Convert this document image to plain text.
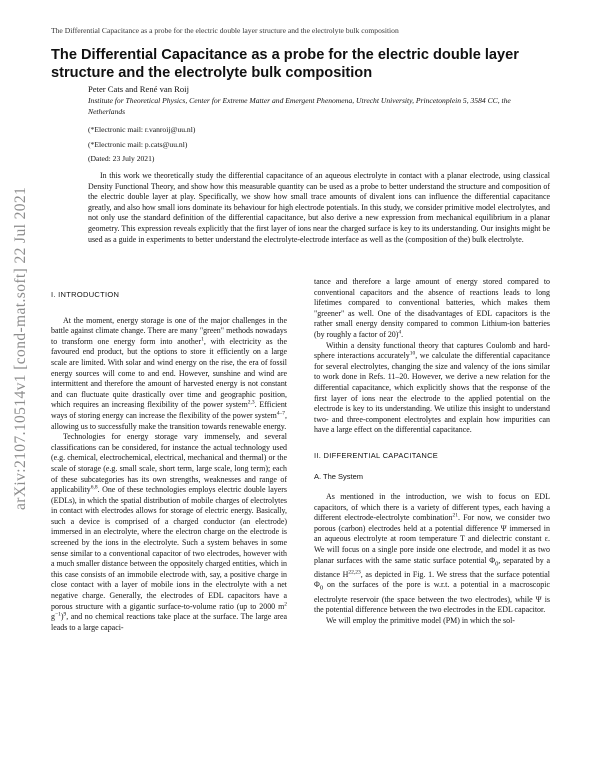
The Differential Capacitance as a probe for the electric double layer structure and the electrolyte bulk composition
arXiv:2107.10514v1 [cond-mat.soft] 22 Jul 2021
The Differential Capacitance as a probe for the electric double layer structure and the electrolyte bulk composition
Peter Cats and René van Roij
Institute for Theoretical Physics, Center for Extreme Matter and Emergent Phenomena, Utrecht University, Princetonplein 5, 3584 CC, the Netherlands
(*Electronic mail: r.vanroij@uu.nl)
(*Electronic mail: p.cats@uu.nl)
(Dated: 23 July 2021)

In this work we theoretically study the differential capacitance of an aqueous electrolyte in contact with a planar electrode, using classical Density Functional Theory, and show how this measurable quantity can be used as a probe to better understand the structure and composition of the electric double layer at play. Specifically, we show how small trace amounts of divalent ions can influence the differential capacitance greatly, and also how small ions dominate its behaviour for high electrode potentials. In this study, we consider primitive model electrolytes, and not only use the standard definition of the differential capacitance, but also derive a new expression from mechanical equilibrium in a planar geometry. This expression reveals explicitly that the first layer of ions near the charged surface is key to its understanding. Our insights might be used as a guide in experiments to better understand the electrolyte-electrode interface as well as the (composition of the) bulk electrolyte.

I. INTRODUCTION

At the moment, energy storage is one of the major challenges in the battle against climate change. There are many "green" methods nowadays to transform one energy form into another$^1$, with electricity as the favoured end product, but the options to store it efficiently on a large scale are limited. With solar and wind energy on the rise, the era of fossil energy sources will come to and end. However, sunshine and wind are intermittent and therefore the amount of harvested energy is not constant and can fluctuate quite drastically over time and geographic position, which requires an increasing flexibility of the power system$^{2,3}$. Efficient ways of storing energy can increase the flexibility of the power system$^{4-7}$, allowing us to successfully make the transition towards renewable energy.

Technologies for energy storage vary immensely, and several classifications can be considered, for instance the actual technology used (e.g. chemical, electrochemical, electrical, mechanical and thermal) or the scale of storage (e.g. small scale, short term, large scale, long term); each of these subcategories has its own strengths, weaknesses and range of applicability$^{6,8}$. One of these technologies employs electric double layers (EDLs), in which the spatial distribution of mobile charges of electrolytes in contact with electrodes allows for storage of electric energy. Basically, such a device is comprised of a charged conductor (an electrode) immersed in an electrolyte, where the electron charge on the electrode is screened by the ions in the electrolyte. Such a system behaves in some sense similar to a conventional capacitor of two electrodes, however with a much smaller distance between the oppositely charged entities, which in this case consists of an immobile electrode with, say, a positive charge in close contact with a layer of mobile ions in the electrolyte with a net negative charge. Generally, the electrodes of EDL capacitors have a porous structure with a gigantic surface-to-volume ratio (up to 2000 $m^2$ $g^{-1})^9$, and no chemical reactions take place at the surface. The large area leads to a large capaci-

tance and therefore a large amount of energy stored compared to conventional capacitors and the absence of reactions leads to long lifetimes compared to conventional batteries, which makes them "greener" as well. One of the disadvantages of EDL capacitors is the rather small energy density compared to common Lithium-ion batteries (by roughly a factor of 20)$^4$.

Within a density functional theory that captures Coulomb and hard-sphere interactions accurately$^{10}$, we calculate the differential capacitance for several electrolytes, changing the size and valency of the ions similar to work done in Refs. 11–20. However, we derive a new relation for the differential capacitance, which explicitly shows that the response of the first layer of ions near the electrode to the applied potential on the electrode is key to its understanding. We utilize this insight to understand two- and three-component electrolytes and explain how impurities can have a large effect on the differential capacitance.

II. DIFFERENTIAL CAPACITANCE

A. The System

As mentioned in the introduction, we wish to focus on EDL capacitors, of which there is a variety of different types, each having a different electrode-electrolyte combination$^{21}$. For now, we consider two porous (carbon) electrodes held at a potential difference Ψ immersed in an aqueous electrolyte at room temperature T and dielectric constant ε. We will focus on a single pore inside one electrode, and model it as two planar surfaces with the same static surface potential $\Phi_0$, separated by a distance H$^{22,23}$, as depicted in Fig. 1. We stress that the surface potential $\Phi_0$ on the surfaces of the pore is w.r.t. a potential in a macroscopic electrolyte reservoir (the space between the two electrodes), while Ψ is the potential difference between the two electrodes in the EDL capacitor.

We will employ the primitive model (PM) in which the sol-
